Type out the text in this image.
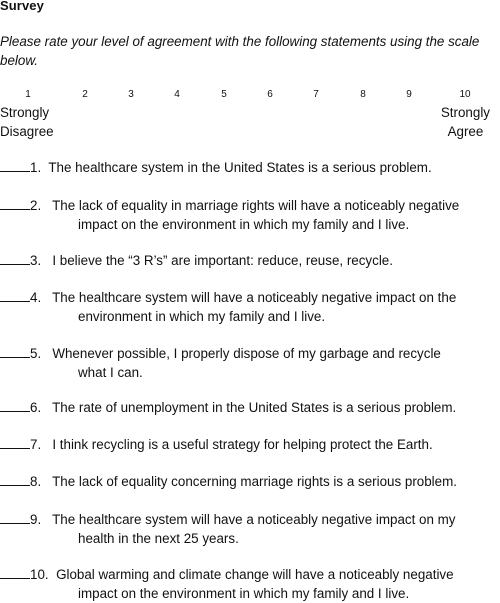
Survey
Please rate your level of agreement with the following statements using the scale below.
1	2	3	4	5	6	7	8	9	10
Strongly
Disagree
Strongly
Agree
1. The healthcare system in the United States is a serious problem.
2. The lack of equality in marriage rights will have a noticeably negative
impact on the environment in which my family and I live.
3. I believe the “3 R’s” are important: reduce, reuse, recycle.
4. The healthcare system will have a noticeably negative impact on the
environment in which my family and I live.
5. Whenever possible, I properly dispose of my garbage and recycle
what I can.
6. The rate of unemployment in the United States is a serious problem.
7. I think recycling is a useful strategy for helping protect the Earth.
8. The lack of equality concerning marriage rights is a serious problem.
9. The healthcare system will have a noticeably negative impact on my
health in the next 25 years.
10. Global warming and climate change will have a noticeably negative
impact on the environment in which my family and I live.
